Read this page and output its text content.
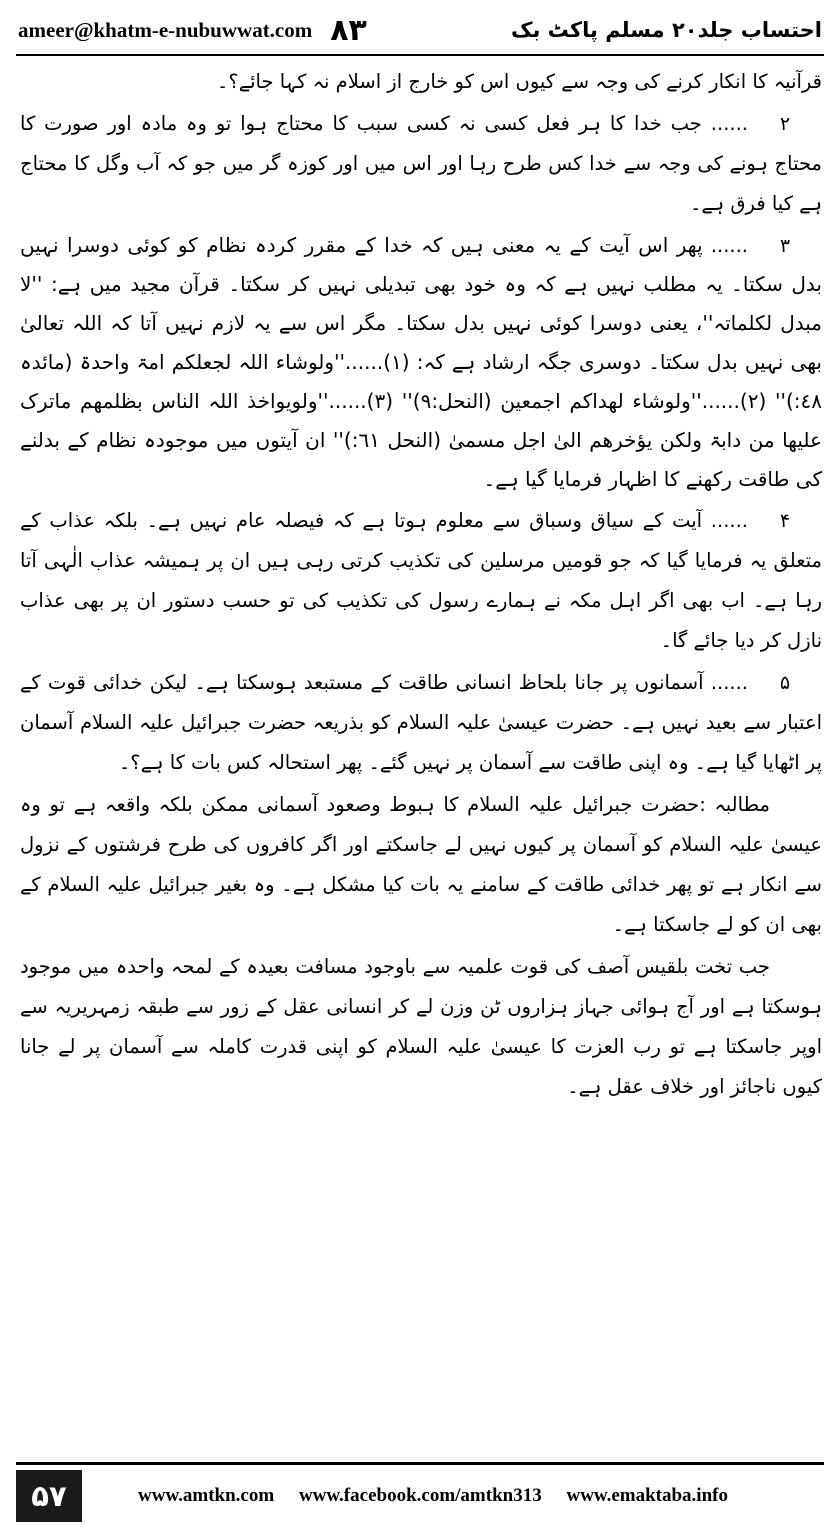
ameer@khatm-e-nubuwwat.com ۸۳	احتساب جلد۲۰ مسلم پاکٹ بک

قرآنیہ کا انکار کرنے کی وجہ سے کیوں اس کو خارج از اسلام نہ کہا جائے؟۔

۲...... جب خدا کا ہر فعل کسی نہ کسی سبب کا محتاج ہوا تو وہ مادہ اور صورت کا محتاج ہونے کی وجہ سے خدا کس طرح رہا اور اس میں اور کوزہ گر میں جو کہ آب وگل کا محتاج ہے کیا فرق ہے۔

۳...... پھر اس آیت کے یہ معنی ہیں کہ خدا کے مقرر کردہ نظام کو کوئی دوسرا نہیں بدل سکتا۔ یہ مطلب نہیں ہے کہ وہ خود بھی تبدیلی نہیں کر سکتا۔ قرآن مجید میں ہے: ''لا مبدل لکلماتہ''، یعنی دوسرا کوئی نہیں بدل سکتا۔ مگر اس سے یہ لازم نہیں آتا کہ اللہ تعالیٰ بھی نہیں بدل سکتا۔ دوسری جگہ ارشاد ہے کہ: (۱)......''ولوشاء اللہ لجعلکم امۃ واحدۃ (مائدہ ٤٨:)'' (۲)......''ولوشاء لھداکم اجمعین (النحل:۹)'' (۳)......''ولویواخذ اللہ الناس بظلمھم ماترک علیھا من دابۃ ولکن یؤخرھم الیٰ اجل مسمیٰ (النحل ٦١:)'' ان آیتوں میں موجودہ نظام کے بدلنے کی طاقت رکھنے کا اظہار فرمایا گیا ہے۔

۴...... آیت کے سیاق وسباق سے معلوم ہوتا ہے کہ فیصلہ عام نہیں ہے۔ بلکہ عذاب کے متعلق یہ فرمایا گیا کہ جو قومیں مرسلین کی تکذیب کرتی رہی ہیں ان پر ہمیشہ عذاب الٰہی آتا رہا ہے۔ اب بھی اگر اہل مکہ نے ہمارے رسول کی تکذیب کی تو حسب دستور ان پر بھی عذاب نازل کر دیا جائے گا۔

۵...... آسمانوں پر جانا بلحاظ انسانی طاقت کے مستبعد ہوسکتا ہے۔ لیکن خدائی قوت کے اعتبار سے بعید نہیں ہے۔ حضرت عیسیٰ علیہ السلام کو بذریعہ حضرت جبرائیل علیہ السلام آسمان پر اٹھایا گیا ہے۔ وہ اپنی طاقت سے آسمان پر نہیں گئے۔ پھر استحالہ کس بات کا ہے؟۔

مطالبہ :حضرت جبرائیل علیہ السلام کا ہبوط وصعود آسمانی ممکن بلکہ واقعہ ہے تو وہ عیسیٰ علیہ السلام کو آسمان پر کیوں نہیں لے جاسکتے اور اگر کافروں کی طرح فرشتوں کے نزول سے انکار ہے تو پھر خدائی طاقت کے سامنے یہ بات کیا مشکل ہے۔ وہ بغیر جبرائیل علیہ السلام کے بھی ان کو لے جاسکتا ہے۔

جب تخت بلقیس آصف کی قوت علمیہ سے باوجود مسافت بعیدہ کے لمحہ واحدہ میں موجود ہوسکتا ہے اور آج ہوائی جہاز ہزاروں ٹن وزن لے کر انسانی عقل کے زور سے طبقہ زمہریریہ سے اوپر جاسکتا ہے تو رب العزت کا عیسیٰ علیہ السلام کو اپنی قدرت کاملہ سے آسمان پر لے جانا کیوں ناجائز اور خلاف عقل ہے۔

۵۷	www.amtkn.com www.facebook.com/amtkn313 www.emaktaba.info
